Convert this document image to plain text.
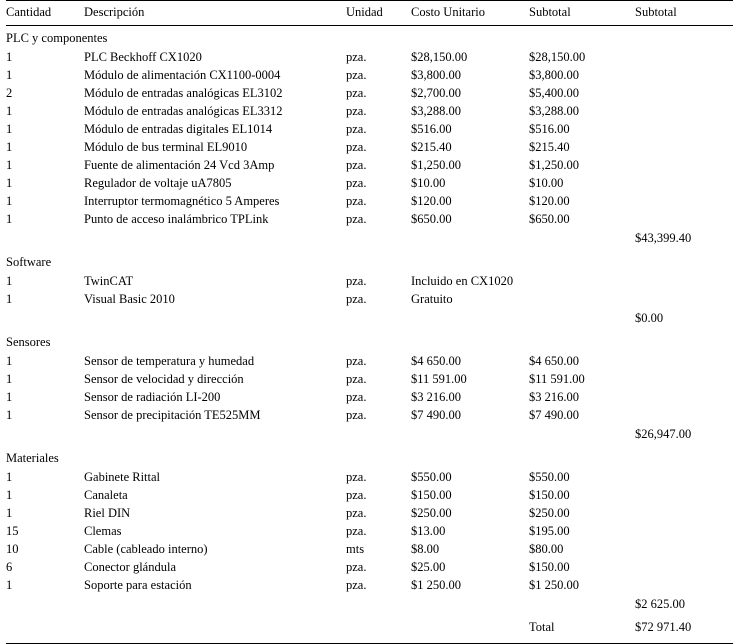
Cantidad	Descripción	Unidad	Costo Unitario	Subtotal	Subtotal
PLC y componentes					
1	PLC Beckhoff CX1020	pza.	$28,150.00	$28,150.00	
1	Módulo de alimentación CX1100-0004	pza.	$3,800.00	$3,800.00	
2	Módulo de entradas analógicas EL3102	pza.	$2,700.00	$5,400.00	
1	Módulo de entradas analógicas EL3312	pza.	$3,288.00	$3,288.00	
1	Módulo de entradas digitales EL1014	pza.	$516.00	$516.00	
1	Módulo de bus terminal EL9010	pza.	$215.40	$215.40	
1	Fuente de alimentación 24 Vcd 3Amp	pza.	$1,250.00	$1,250.00	
1	Regulador de voltaje uA7805	pza.	$10.00	$10.00	
1	Interruptor termomagnético 5 Amperes	pza.	$120.00	$120.00	
1	Punto de acceso inalámbrico TPLink	pza.	$650.00	$650.00	
					$43,399.40
Software					
1	TwinCAT	pza.	Incluido en CX1020		
1	Visual Basic 2010	pza.	Gratuito		
					$0.00
Sensores					
1	Sensor de temperatura y humedad	pza.	$4 650.00	$4 650.00	
1	Sensor de velocidad y dirección	pza.	$11 591.00	$11 591.00	
1	Sensor de radiación LI-200	pza.	$3 216.00	$3 216.00	
1	Sensor de precipitación TE525MM	pza.	$7 490.00	$7 490.00	
					$26,947.00
Materiales					
1	Gabinete Rittal	pza.	$550.00	$550.00	
1	Canaleta	pza.	$150.00	$150.00	
1	Riel DIN	pza.	$250.00	$250.00	
15	Clemas	pza.	$13.00	$195.00	
10	Cable (cableado interno)	mts	$8.00	$80.00	
6	Conector glándula	pza.	$25.00	$150.00	
1	Soporte para estación	pza.	$1 250.00	$1 250.00	
					$2 625.00
				Total	$72 971.40
